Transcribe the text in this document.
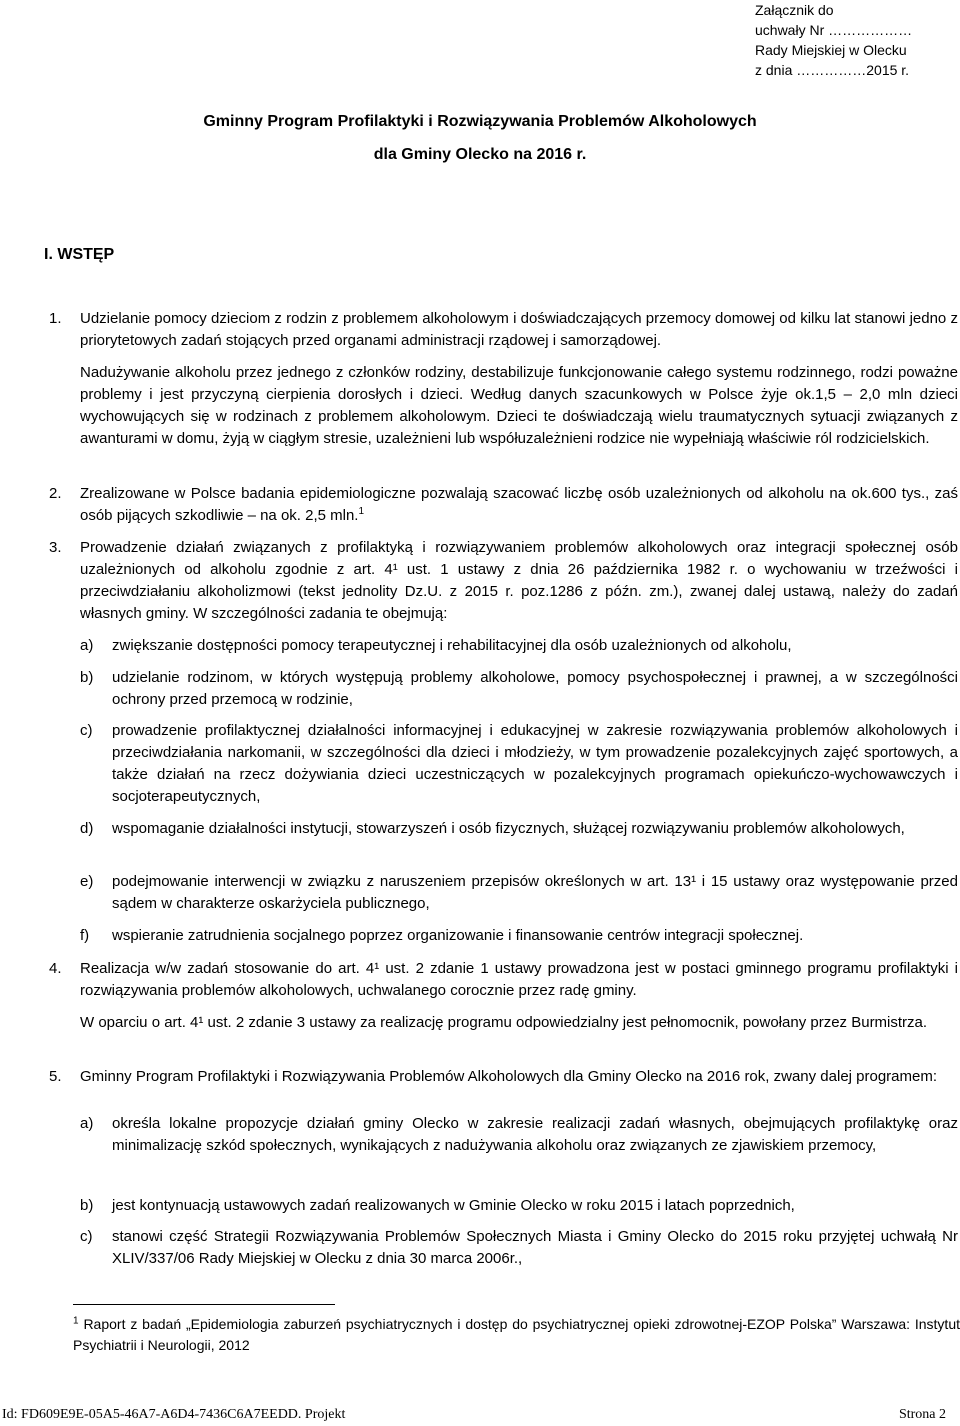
Załącznik do
uchwały Nr ………………
Rady Miejskiej w Olecku
z dnia ……………2015 r.
Gminny Program Profilaktyki i Rozwiązywania Problemów Alkoholowych
dla Gminy Olecko na 2016 r.
I. WSTĘP
1. Udzielanie pomocy dzieciom z rodzin z problemem alkoholowym i doświadczających przemocy domowej od kilku lat stanowi jedno z priorytetowych zadań stojących przed organami administracji rządowej i samorządowej.
Nadużywanie alkoholu przez jednego z członków rodziny, destabilizuje funkcjonowanie całego systemu rodzinnego, rodzi poważne problemy i jest przyczyną cierpienia dorosłych i dzieci. Według danych szacunkowych w Polsce żyje ok.1,5 – 2,0 mln dzieci wychowujących się w rodzinach z problemem alkoholowym. Dzieci te doświadczają wielu traumatycznych sytuacji związanych z awanturami w domu, żyją w ciągłym stresie, uzależnieni lub współuzależnieni rodzice nie wypełniają właściwie ról rodzicielskich.
2. Zrealizowane w Polsce badania epidemiologiczne pozwalają szacować liczbę osób uzależnionych od alkoholu na ok.600 tys., zaś osób pijących szkodliwie – na ok. 2,5 mln.$^1$
3. Prowadzenie działań związanych z profilaktyką i rozwiązywaniem problemów alkoholowych oraz integracji społecznej osób uzależnionych od alkoholu zgodnie z art. 4¹ ust. 1 ustawy z dnia 26 października 1982 r. o wychowaniu w trzeźwości i przeciwdziałaniu alkoholizmowi (tekst jednolity Dz.U. z 2015 r. poz.1286 z późn. zm.), zwanej dalej ustawą, należy do zadań własnych gminy. W szczególności zadania te obejmują:
a) zwiększanie dostępności pomocy terapeutycznej i rehabilitacyjnej dla osób uzależnionych od alkoholu,
b) udzielanie rodzinom, w których występują problemy alkoholowe, pomocy psychospołecznej i prawnej, a w szczególności ochrony przed przemocą w rodzinie,
c) prowadzenie profilaktycznej działalności informacyjnej i edukacyjnej w zakresie rozwiązywania problemów alkoholowych i przeciwdziałania narkomanii, w szczególności dla dzieci i młodzieży, w tym prowadzenie pozalekcyjnych zajęć sportowych, a także działań na rzecz dożywiania dzieci uczestniczących w pozalekcyjnych programach opiekuńczo-wychowawczych i socjoterapeutycznych,
d) wspomaganie działalności instytucji, stowarzyszeń i osób fizycznych, służącej rozwiązywaniu problemów alkoholowych,
e) podejmowanie interwencji w związku z naruszeniem przepisów określonych w art. 13¹ i 15 ustawy oraz występowanie przed sądem w charakterze oskarżyciela publicznego,
f) wspieranie zatrudnienia socjalnego poprzez organizowanie i finansowanie centrów integracji społecznej.
4. Realizacja w/w zadań stosowanie do art. 4¹ ust. 2 zdanie 1 ustawy prowadzona jest w postaci gminnego programu profilaktyki i rozwiązywania problemów alkoholowych, uchwalanego corocznie przez radę gminy.
W oparciu o art. 4¹ ust. 2 zdanie 3 ustawy za realizację programu odpowiedzialny jest pełnomocnik, powołany przez Burmistrza.
5. Gminny Program Profilaktyki i Rozwiązywania Problemów Alkoholowych dla Gminy Olecko na 2016 rok, zwany dalej programem:
a) określa lokalne propozycje działań gminy Olecko w zakresie realizacji zadań własnych, obejmujących profilaktykę oraz minimalizację szkód społecznych, wynikających z nadużywania alkoholu oraz związanych ze zjawiskiem przemocy,
b) jest kontynuacją ustawowych zadań realizowanych w Gminie Olecko w roku 2015 i latach poprzednich,
c) stanowi część Strategii Rozwiązywania Problemów Społecznych Miasta i Gminy Olecko do 2015 roku przyjętej uchwałą Nr XLIV/337/06 Rady Miejskiej w Olecku z dnia 30 marca 2006r.,
$^1$ Raport z badań „Epidemiologia zaburzeń psychiatrycznych i dostęp do psychiatrycznej opieki zdrowotnej-EZOP Polska” Warszawa: Instytut Psychiatrii i Neurologii, 2012
Id: FD609E9E-05A5-46A7-A6D4-7436C6A7EEDD. Projekt	Strona 2
